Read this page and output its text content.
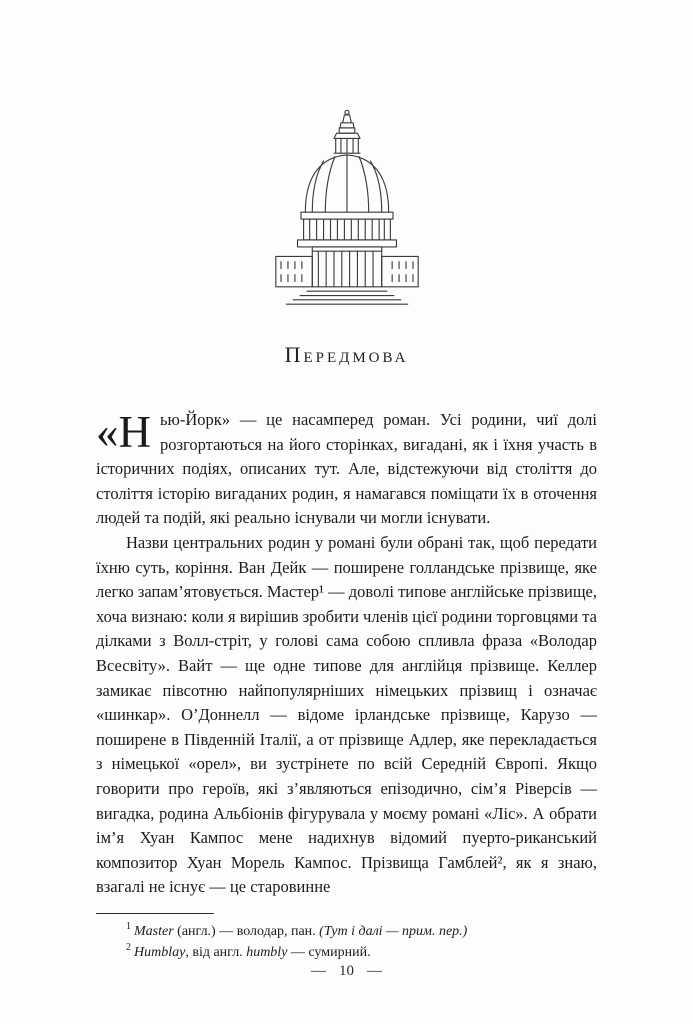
Передмова

«Нью-Йорк» — це насамперед роман. Усі родини, чиї долі розгортаються на його сторінках, вигадані, як і їхня участь в історичних подіях, описаних тут. Але, відстежуючи від століття до століття історію вигаданих родин, я намагався поміщати їх в оточення людей та подій, які реально існували чи могли існувати.

Назви центральних родин у романі були обрані так, щоб передати їхню суть, коріння. Ван Дейк — поширене голландське прізвище, яке легко запам’ятовується. Мастер¹ — доволі типове англійське прізвище, хоча визнаю: коли я вирішив зробити членів цієї родини торговцями та ділками з Волл-стріт, у голові сама собою спливла фраза «Володар Всесвіту». Вайт — ще одне типове для англійця прізвище. Келлер замикає півсотню найпопулярніших німецьких прізвищ і означає «шинкар». О’Доннелл — відоме ірландське прізвище, Карузо — поширене в Південній Італії, а от прізвище Адлер, яке перекладається з німецької «орел», ви зустрінете по всій Середній Європі. Якщо говорити про героїв, які з’являються епізодично, сім’я Ріверсів — вигадка, родина Альбіонів фігурувала у моєму романі «Ліс». А обрати ім’я Хуан Кампос мене надихнув відомий пуерто-риканський композитор Хуан Морель Кампос. Прізвища Гамблей², як я знаю, взагалі не існує — це старовинне

$^1$ Master (англ.) — володар, пан. (Тут і далі — прим. пер.)

$^2$ Humblay, від англ. humbly — сумирний.

— 10 —
